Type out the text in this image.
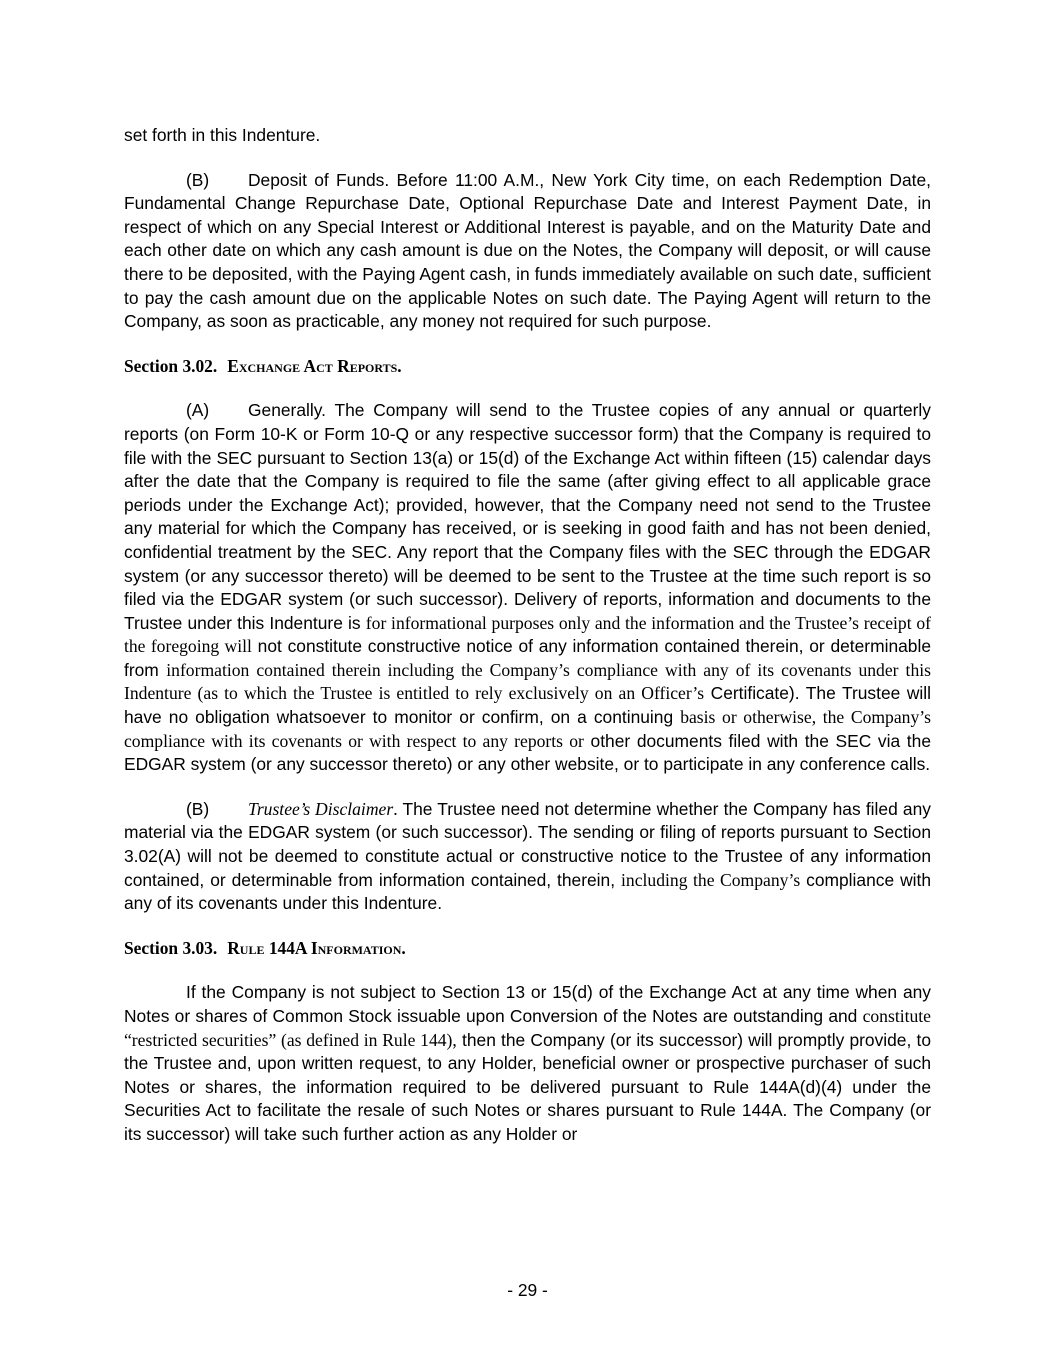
set forth in this Indenture.

(B) Deposit of Funds. Before 11:00 A.M., New York City time, on each Redemption Date, Fundamental Change Repurchase Date, Optional Repurchase Date and Interest Payment Date, in respect of which on any Special Interest or Additional Interest is payable, and on the Maturity Date and each other date on which any cash amount is due on the Notes, the Company will deposit, or will cause there to be deposited, with the Paying Agent cash, in funds immediately available on such date, sufficient to pay the cash amount due on the applicable Notes on such date. The Paying Agent will return to the Company, as soon as practicable, any money not required for such purpose.

Section 3.02. Exchange Act Reports.

(A) Generally. The Company will send to the Trustee copies of any annual or quarterly reports (on Form 10-K or Form 10-Q or any respective successor form) that the Company is required to file with the SEC pursuant to Section 13(a) or 15(d) of the Exchange Act within fifteen (15) calendar days after the date that the Company is required to file the same (after giving effect to all applicable grace periods under the Exchange Act); provided, however, that the Company need not send to the Trustee any material for which the Company has received, or is seeking in good faith and has not been denied, confidential treatment by the SEC. Any report that the Company files with the SEC through the EDGAR system (or any successor thereto) will be deemed to be sent to the Trustee at the time such report is so filed via the EDGAR system (or such successor). Delivery of reports, information and documents to the Trustee under this Indenture is for informational purposes only and the information and the Trustee’s receipt of the foregoing will not constitute constructive notice of any information contained therein, or determinable from information contained therein including the Company’s compliance with any of its covenants under this Indenture (as to which the Trustee is entitled to rely exclusively on an Officer’s Certificate). The Trustee will have no obligation whatsoever to monitor or confirm, on a continuing basis or otherwise, the Company’s compliance with its covenants or with respect to any reports or other documents filed with the SEC via the EDGAR system (or any successor thereto) or any other website, or to participate in any conference calls.

(B) Trustee’s Disclaimer. The Trustee need not determine whether the Company has filed any material via the EDGAR system (or such successor). The sending or filing of reports pursuant to Section 3.02(A) will not be deemed to constitute actual or constructive notice to the Trustee of any information contained, or determinable from information contained, therein, including the Company’s compliance with any of its covenants under this Indenture.

Section 3.03. Rule 144A Information.

If the Company is not subject to Section 13 or 15(d) of the Exchange Act at any time when any Notes or shares of Common Stock issuable upon Conversion of the Notes are outstanding and constitute “restricted securities” (as defined in Rule 144), then the Company (or its successor) will promptly provide, to the Trustee and, upon written request, to any Holder, beneficial owner or prospective purchaser of such Notes or shares, the information required to be delivered pursuant to Rule 144A(d)(4) under the Securities Act to facilitate the resale of such Notes or shares pursuant to Rule 144A. The Company (or its successor) will take such further action as any Holder or

- 29 -
